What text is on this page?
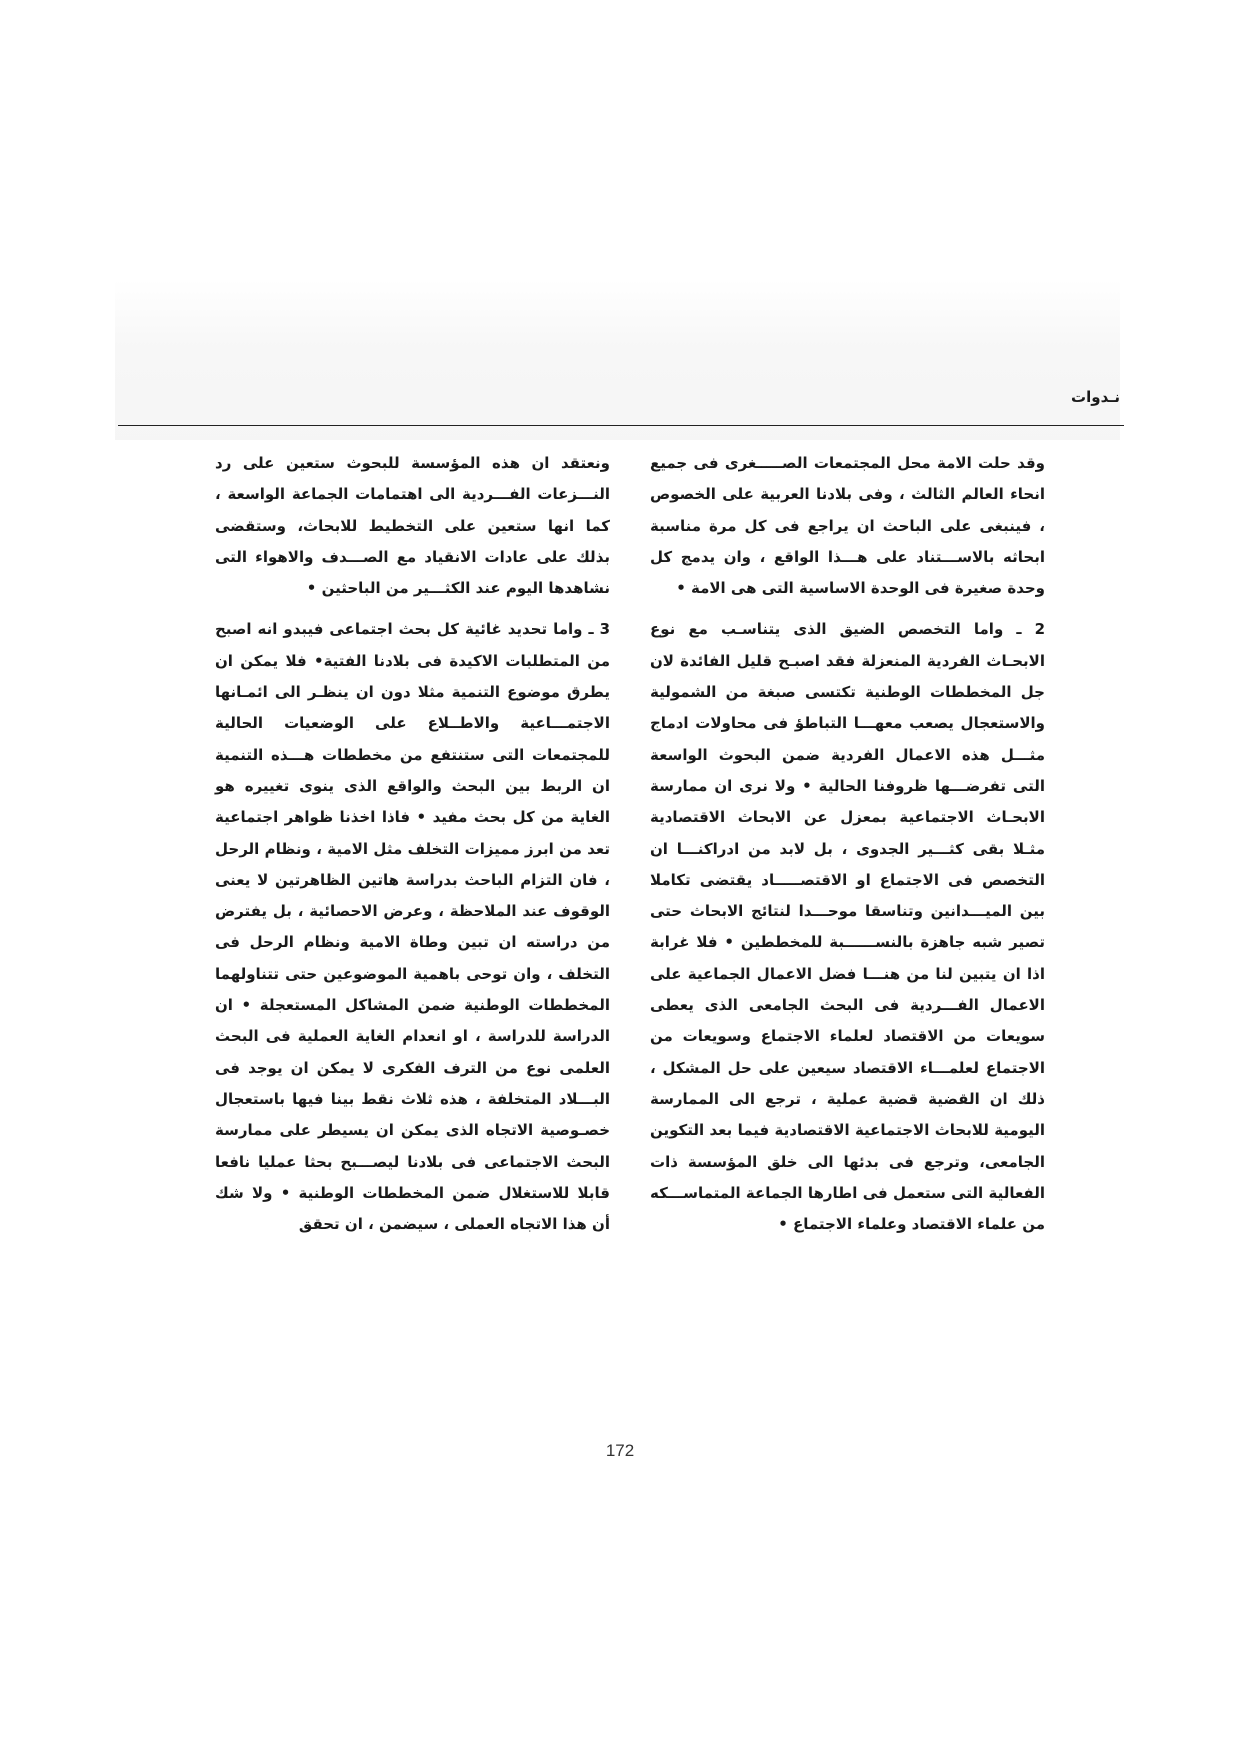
نـدوات

وقد حلت الامة محل المجتمعات الصـــــغرى فى جميع انحاء العالم الثالث ، وفى بلادنا العربية على الخصوص ، فينبغى على الباحث ان يراجع فى كل مرة مناسبة ابحاثه بالاســـتناد على هـــذا الواقع ، وان يدمج كل وحدة صغيرة فى الوحدة الاساسية التى هى الامة •

2 ـ واما التخصص الضيق الذى يتناسـب مع نوع الابحـاث الفردية المنعزلة فقد اصبـح قليل الفائدة لان جل المخططات الوطنية تكتسى صبغة من الشمولية والاستعجال يصعب معهـــا التباطؤ فى محاولات ادماج مثـــل هذه الاعمال الفردية ضمن البحوث الواسعة التى تفرضـــها ظروفنا الحالية • ولا نرى ان ممارسة الابحـاث الاجتماعية بمعزل عن الابحاث الاقتصادية مثـلا بقى كثـــير الجدوى ، بل لابد من ادراكنـــا ان التخصص فى الاجتماع او الاقتصـــــاد يقتضى تكاملا بين الميـــدانين وتناسقا موحـــدا لنتائج الابحاث حتى تصير شبه جاهزة بالنســــــبة للمخططين • فلا غرابة اذا ان يتبين لنا من هنـــا فضل الاعمال الجماعية على الاعمال الفـــردية فى البحث الجامعى الذى يعطى سويعات من الاقتصاد لعلماء الاجتماع وسويعات من الاجتماع لعلمـــاء الاقتصاد سيعين على حل المشكل ، ذلك ان القضية قضية عملية ، ترجع الى الممارسة اليومية للابحاث الاجتماعية الاقتصادية فيما بعد التكوين الجامعى، وترجع فى بدئها الى خلق المؤسسة ذات الفعالية التى ستعمل فى اطارها الجماعة المتماســـكه من علماء الاقتصاد وعلماء الاجتماع •

ونعتقد ان هذه المؤسسة للبحوث ستعين على رد النـــزعات الفـــردية الى اهتمامات الجماعة الواسعة ، كما انها ستعين على التخطيط للابحاث، وستقضى بذلك على عادات الانقياد مع الصـــدف والاهواء التى نشاهدها اليوم عند الكثـــير من الباحثين •

3 ـ واما تحديد غائية كل بحث اجتماعى فيبدو انه اصبح من المتطلبات الاكيدة فى بلادنا الفتية• فلا يمكن ان يطرق موضوع التنمية مثلا دون ان ينظـر الى ائمـانها الاجتمـــاعية والاطــلاع على الوضعيات الحالية للمجتمعات التى ستنتفع من مخططات هـــذه التنمية ان الربط بين البحث والواقع الذى ينوى تغييره هو الغاية من كل بحث مفيد • فاذا اخذنا ظواهر اجتماعية تعد من ابرز مميزات التخلف مثل الامية ، ونظام الرحل ، فان التزام الباحث بدراسة هاتين الظاهرتين لا يعنى الوقوف عند الملاحظة ، وعرض الاحصائية ، بل يفترض من دراسته ان تبين وطاة الامية ونظام الرحل فى التخلف ، وان توحى باهمية الموضوعين حتى تتناولهما المخططات الوطنية ضمن المشاكل المستعجلة • ان الدراسة للدراسة ، او انعدام الغاية العملية فى البحث العلمى نوع من الترف الفكرى لا يمكن ان يوجد فى البـــلاد المتخلفة ، هذه ثلاث نقط بينا فيها باستعجال خصـوصية الاتجاه الذى يمكن ان يسيطر على ممارسة البحث الاجتماعى فى بلادنا ليصـــبح بحثا عمليا نافعا قابلا للاستغلال ضمن المخططات الوطنية • ولا شك أن هذا الاتجاه العملى ، سيضمن ، ان تحقق

172
